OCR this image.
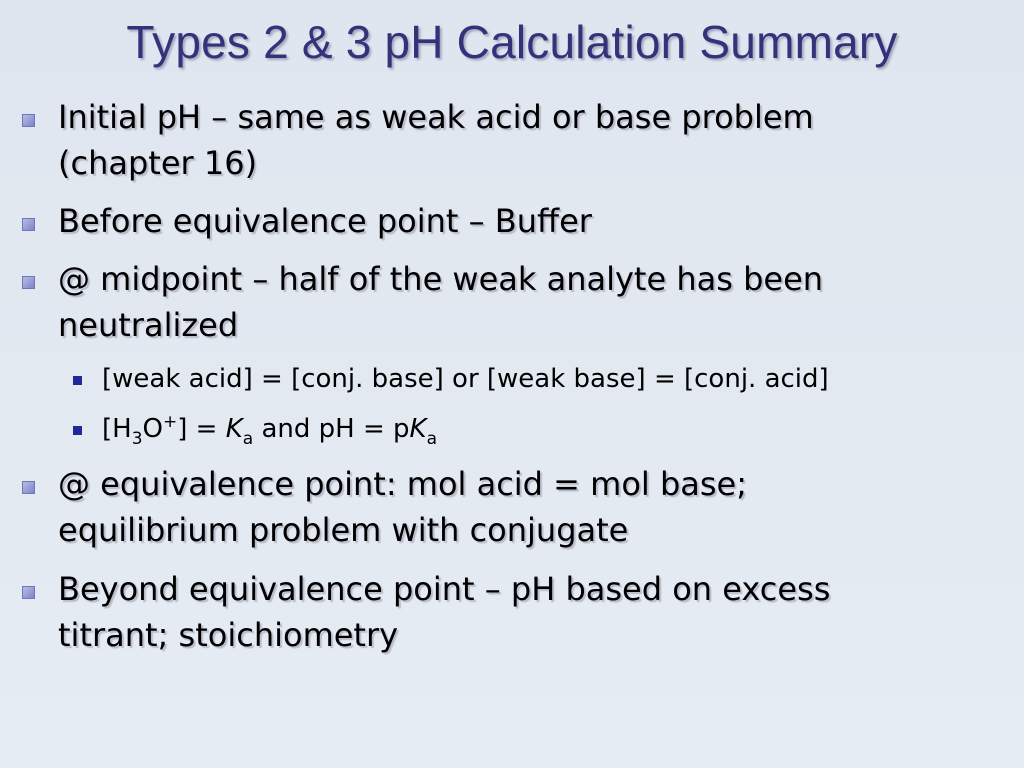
Types 2 & 3 pH Calculation Summary
Initial pH – same as weak acid or base problem
(chapter 16)
Before equivalence point – Buffer
@ midpoint – half of the weak analyte has been
neutralized
[weak acid] = [conj. base] or [weak base] = [conj. acid]
$[H_3O^+] = K_a$ and pH = $pK_a$
@ equivalence point: mol acid = mol base;
equilibrium problem with conjugate
Beyond equivalence point – pH based on excess
titrant; stoichiometry
